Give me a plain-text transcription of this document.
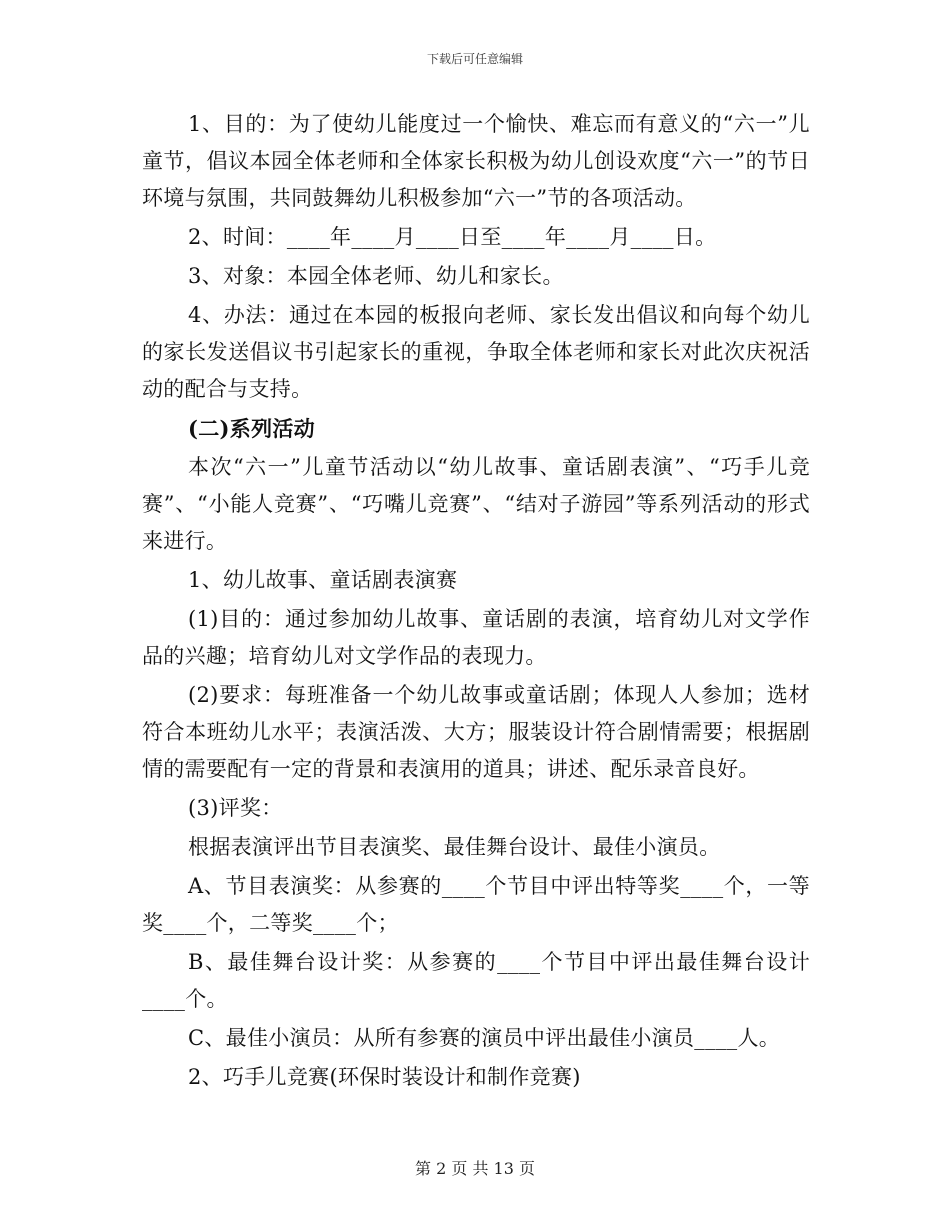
下载后可任意编辑

1、目的：为了使幼儿能度过一个愉快、难忘而有意义的“六一”儿童节，倡议本园全体老师和全体家长积极为幼儿创设欢度“六一”的节日环境与氛围，共同鼓舞幼儿积极参加“六一”节的各项活动。

2、时间：____年____月____日至____年____月____日。

3、对象：本园全体老师、幼儿和家长。

4、办法：通过在本园的板报向老师、家长发出倡议和向每个幼儿的家长发送倡议书引起家长的重视，争取全体老师和家长对此次庆祝活动的配合与支持。

(二)系列活动

本次“六一”儿童节活动以“幼儿故事、童话剧表演”、“巧手儿竞赛”、“小能人竞赛”、“巧嘴儿竞赛”、“结对子游园”等系列活动的形式来进行。

1、幼儿故事、童话剧表演赛

(1)目的：通过参加幼儿故事、童话剧的表演，培育幼儿对文学作品的兴趣；培育幼儿对文学作品的表现力。

(2)要求：每班准备一个幼儿故事或童话剧；体现人人参加；选材符合本班幼儿水平；表演活泼、大方；服装设计符合剧情需要；根据剧情的需要配有一定的背景和表演用的道具；讲述、配乐录音良好。

(3)评奖：

根据表演评出节目表演奖、最佳舞台设计、最佳小演员。

A、节目表演奖：从参赛的____个节目中评出特等奖____个，一等奖____个，二等奖____个；

B、最佳舞台设计奖：从参赛的____个节目中评出最佳舞台设计____个。

C、最佳小演员：从所有参赛的演员中评出最佳小演员____人。

2、巧手儿竞赛(环保时装设计和制作竞赛)

第 2 页 共 13 页
